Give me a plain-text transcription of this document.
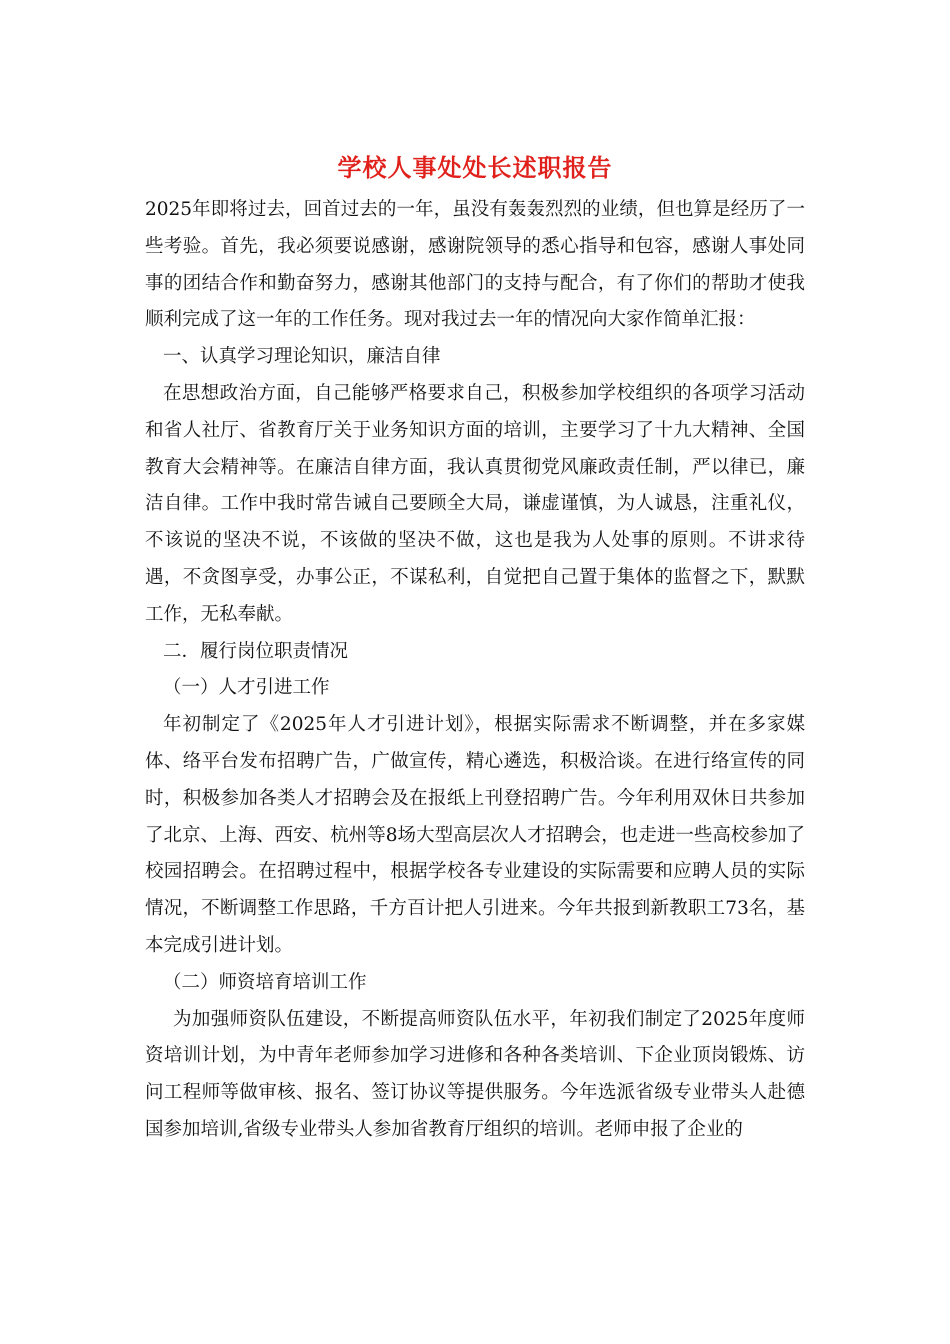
学校人事处处长述职报告

2025年即将过去，回首过去的一年，虽没有轰轰烈烈的业绩，但也算是经历了一些考验。首先，我必须要说感谢，感谢院领导的悉心指导和包容，感谢人事处同事的团结合作和勤奋努力，感谢其他部门的支持与配合，有了你们的帮助才使我顺利完成了这一年的工作任务。现对我过去一年的情况向大家作简单汇报：

一、认真学习理论知识，廉洁自律

在思想政治方面，自己能够严格要求自己，积极参加学校组织的各项学习活动和省人社厅、省教育厅关于业务知识方面的培训，主要学习了十九大精神、全国教育大会精神等。在廉洁自律方面，我认真贯彻党风廉政责任制，严以律已，廉洁自律。工作中我时常告诫自己要顾全大局，谦虚谨慎，为人诚恳，注重礼仪，不该说的坚决不说，不该做的坚决不做，这也是我为人处事的原则。不讲求待遇，不贪图享受，办事公正，不谋私利，自觉把自己置于集体的监督之下，默默工作，无私奉献。

二．履行岗位职责情况

（一）人才引进工作

年初制定了《2025年人才引进计划》，根据实际需求不断调整，并在多家媒体、络平台发布招聘广告，广做宣传，精心遴选，积极洽谈。在进行络宣传的同时，积极参加各类人才招聘会及在报纸上刊登招聘广告。今年利用双休日共参加了北京、上海、西安、杭州等8场大型高层次人才招聘会，也走进一些高校参加了校园招聘会。在招聘过程中，根据学校各专业建设的实际需要和应聘人员的实际情况，不断调整工作思路，千方百计把人引进来。今年共报到新教职工73名，基本完成引进计划。

（二）师资培育培训工作

为加强师资队伍建设，不断提高师资队伍水平，年初我们制定了2025年度师资培训计划，为中青年老师参加学习进修和各种各类培训、下企业顶岗锻炼、访问工程师等做审核、报名、签订协议等提供服务。今年选派省级专业带头人赴德国参加培训,省级专业带头人参加省教育厅组织的培训。老师申报了企业的
